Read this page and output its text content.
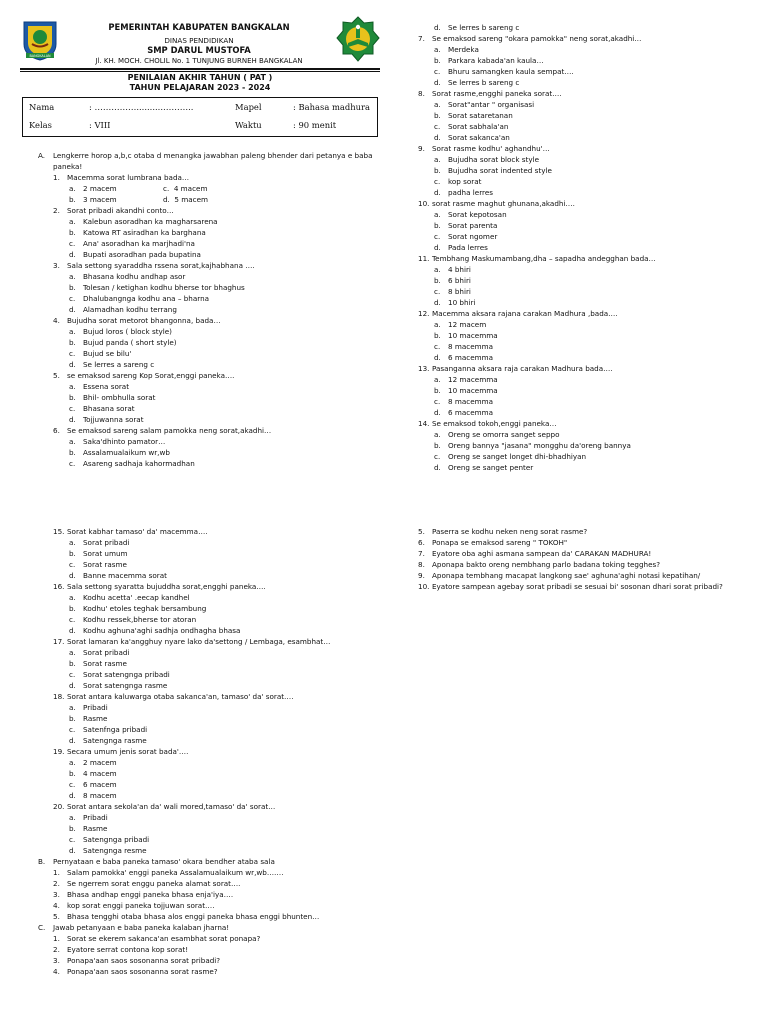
BANGKALAN
PEMERINTAH KABUPATEN BANGKALAN
DINAS PENDIDIKAN
SMP DARUL MUSTOFA
Jl. KH. MOCH. CHOLIL No. 1 TUNJUNG BURNEH BANGKALAN
PENILAIAN AKHIR TAHUN ( PAT )
TAHUN PELAJARAN 2023 - 2024
Nama	: ……………..........………..	Mapel	: Bahasa madhura
Kelas	: VIII	Waktu	: 90 menit
A. Lengkerre horop a,b,c otaba d menangka jawabhan paleng bhender dari petanya e baba paneka!
1. Macemma sorat lumbrana bada…
a. 2 macem	c.  4 macem
b. 3 macem	d.  5 macem
2. Sorat pribadi akandhi conto…
a. Kalebun asoradhan ka magharsarena
b. Katowa RT asiradhan ka barghana
c. Ana' asoradhan ka marjhadi'na
d. Bupati asoradhan pada bupatina
3. Sala settong syaraddha rssena sorat,kajhabhana ….
a. Bhasana kodhu andhap asor
b. Tolesan / ketighan kodhu bherse tor bhaghus
c. Dhalubangnga kodhu ana – bharna
d. Alamadhan kodhu terrang
4. Bujudha sorat metorot bhangonna, bada…
a. Bujud loros ( block style)
b. Bujud panda ( short style)
c. Bujud se bilu'
d. Se lerres a sareng c
5. se emaksod sareng Kop Sorat,enggi paneka….
a. Essena sorat
b. Bhil- ombhulla sorat
c. Bhasana sorat
d. Tojjuwanna sorat
6. Se emaksod sareng salam pamokka neng sorat,akadhi…
a. Saka'dhinto pamator…
b. Assalamualaikum wr,wb
c. Asareng sadhaja kahormadhan
d. Se lerres b sareng c
7. Se emaksod sareng "okara pamokka" neng sorat,akadhi…
a. Merdeka
b. Parkara kabada'an kaula…
c. Bhuru samangken kaula sempat….
d. Se lerres b sareng c
8. Sorat rasme,engghi paneka sorat….
a. Sorat"antar " organisasi
b. Sorat sataretanan
c. Sorat sabhala'an
d. Sorat sakanca'an
9. Sorat rasme kodhu' aghandhu'…
a. Bujudha sorat block style
b. Bujudha sorat indented style
c. kop sorat
d. padha lerres
10. sorat rasme maghut ghunana,akadhi….
a. Sorat kepotosan
b. Sorat parenta
c. Sorat ngomer
d. Pada lerres
11. Tembhang Maskumambang,dha – sapadha andegghan bada…
a. 4 bhiri
b. 6 bhiri
c. 8 bhiri
d. 10 bhiri
12. Macemma aksara rajana carakan Madhura ,bada….
a. 12 macem
b. 10 macemma
c. 8 macemma
d. 6 macemma
13. Pasanganna aksara raja carakan Madhura bada….
a. 12 macemma
b. 10 macemma
c. 8 macemma
d. 6 macemma
14. Se emaksod tokoh,enggi paneka…
a. Oreng se omorra sanget seppo
b. Oreng bannya "jasana" mongghu da'oreng bannya
c. Oreng se sanget longet dhi-bhadhiyan
d. Oreng se sanget penter
15. Sorat kabhar tamaso' da' macemma….
a. Sorat pribadi
b. Sorat umum
c. Sorat rasme
d. Banne macemma sorat
16. Sala settong syaratta bujuddha sorat,engghi paneka….
a. Kodhu acetta' .eecap kandhel
b. Kodhu' etoles teghak bersambung
c. Kodhu ressek,bherse tor atoran
d. Kodhu aghuna'aghi sadhja ondhagha bhasa
17. Sorat lamaran ka'angghuy nyare lako da'settong / Lembaga, esambhat…
a. Sorat pribadi
b. Sorat rasme
c. Sorat satengnga pribadi
d. Sorat satengnga rasme
18. Sorat antara kaluwarga otaba sakanca'an, tamaso' da' sorat….
a. Pribadi
b. Rasme
c. Satenfnga pribadi
d. Satengnga rasme
19. Secara umum jenis sorat bada'….
a. 2 macem
b. 4 macem
c. 6 macem
d. 8 macem
20. Sorat antara sekola'an da' wali mored,tamaso' da' sorat…
a. Pribadi
b. Rasme
c. Satengnga pribadi
d. Satengnga resme
B. Pernyataan e baba paneka tamaso' okara bendher ataba sala
1. Salam pamokka' enggi paneka Assalamualaikum wr,wb…….
2. Se ngerrem sorat enggu paneka alamat sorat….
3. Bhasa andhap enggi paneka bhasa enja'iya….
4. kop sorat enggi paneka tojjuwan sorat….
5. Bhasa tengghi otaba bhasa alos enggi paneka bhasa enggi bhunten…
C. Jawab petanyaan e baba paneka kalaban jharna!
1. Sorat se ekerem sakanca'an esambhat sorat ponapa?
2. Eyatore serrat contona kop sorat!
3. Ponapa'aan saos sosonanna sorat pribadi?
4. Ponapa'aan saos sosonanna sorat rasme?
5. Paserra se kodhu neken neng sorat rasme?
6. Ponapa se emaksod sareng " TOKOH"
7. Eyatore oba aghi asmana sampean da' CARAKAN MADHURA!
8. Aponapa bakto oreng nembhang parlo badana toking tegghes?
9. Aponapa tembhang macapat langkong sae' aghuna'aghi notasi kepatihan/
10. Eyatore sampean agebay sorat pribadi se sesuai bi' sosonan dhari sorat pribadi?
